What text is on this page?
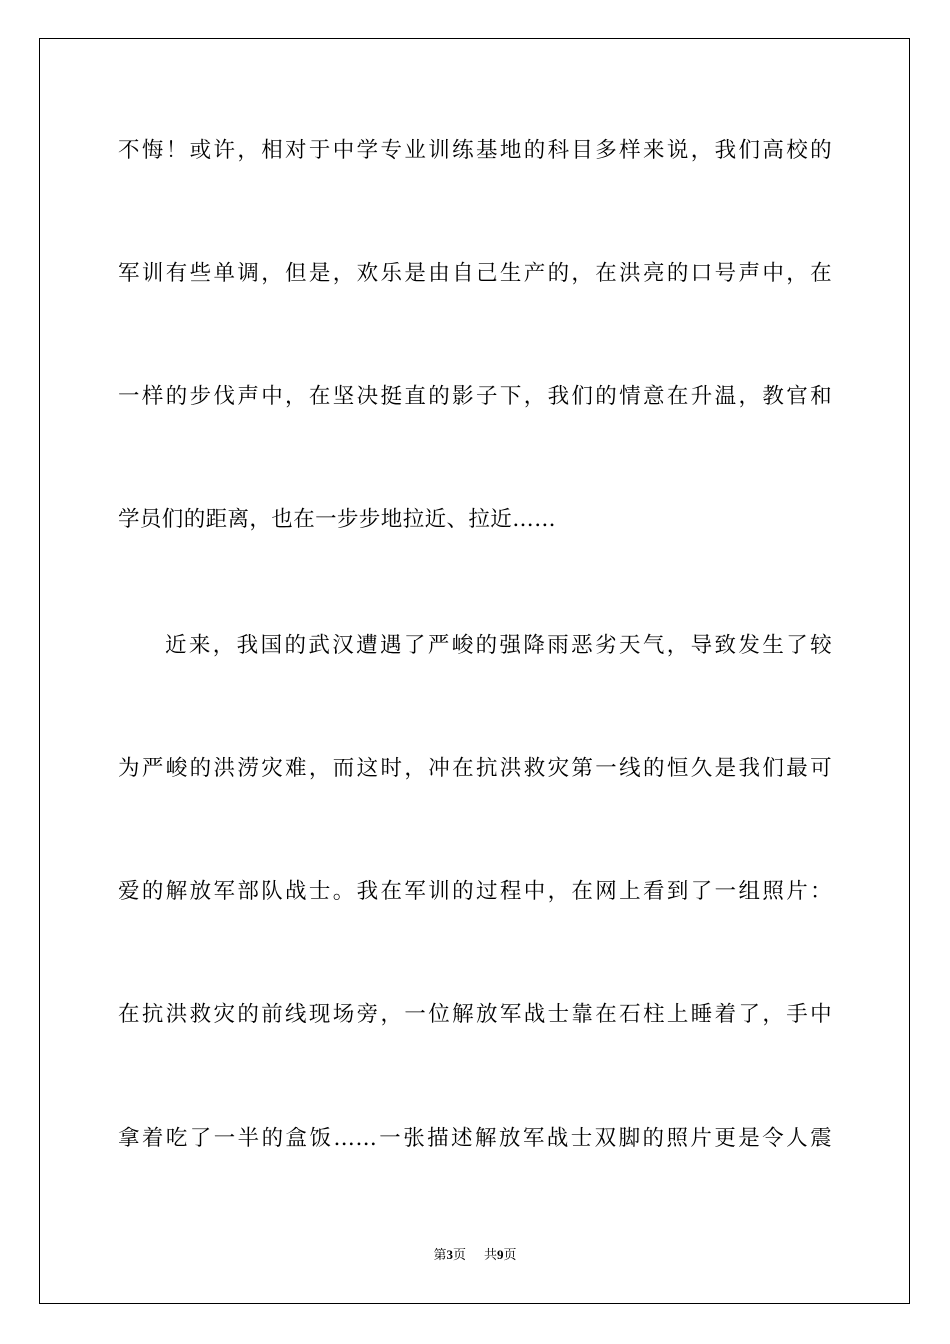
不悔！或许，相对于中学专业训练基地的科目多样来说，我们高校的
军训有些单调，但是，欢乐是由自己生产的，在洪亮的口号声中，在
一样的步伐声中，在坚决挺直的影子下，我们的情意在升温，教官和
学员们的距离，也在一步步地拉近、拉近……
近来，我国的武汉遭遇了严峻的强降雨恶劣天气，导致发生了较
为严峻的洪涝灾难，而这时，冲在抗洪救灾第一线的恒久是我们最可
爱的解放军部队战士。我在军训的过程中，在网上看到了一组照片：
在抗洪救灾的前线现场旁，一位解放军战士靠在石柱上睡着了，手中
拿着吃了一半的盒饭……一张描述解放军战士双脚的照片更是令人震
第3页 共9页
